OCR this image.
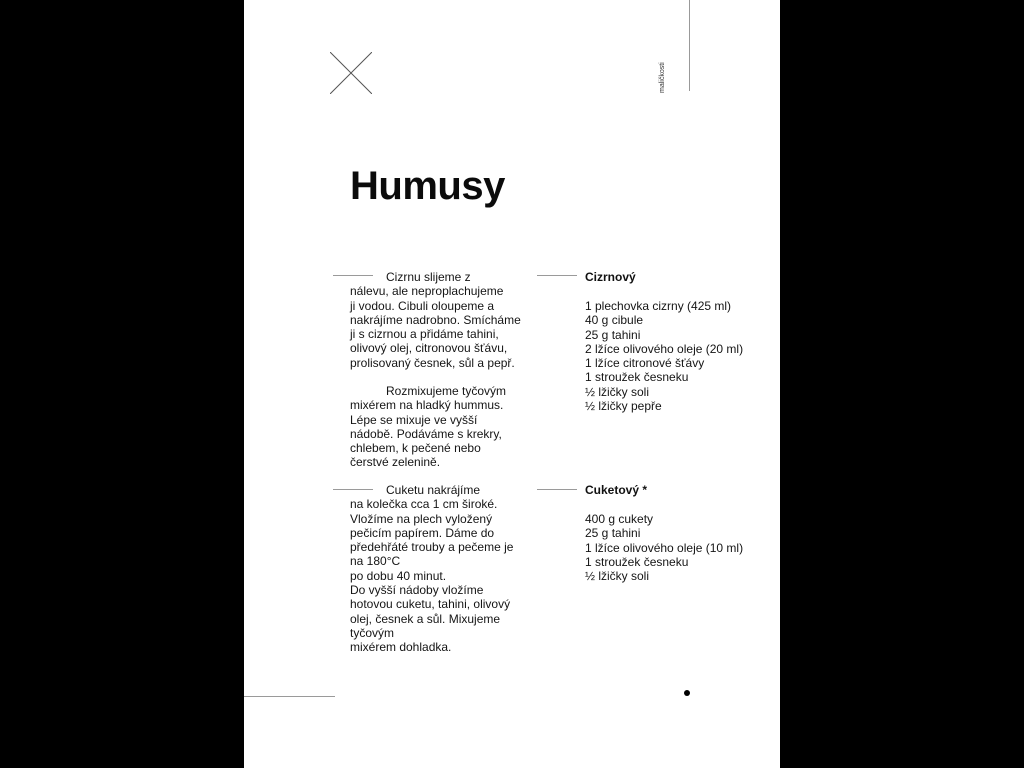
maličkosti
Humusy

Cizrnu slijeme z
nálevu, ale neproplachujeme
ji vodou. Cibuli oloupeme a
nakrájíme nadrobno. Smícháme
ji s cizrnou a přidáme tahini,
olivový olej, citronovou šťávu,
prolisovaný česnek, sůl a pepř.

Rozmixujeme tyčovým
mixérem na hladký hummus.
Lépe se mixuje ve vyšší
nádobě. Podáváme s krekry,
chlebem, k pečené nebo
čerstvé zelenině.

Cizrnový
1 plechovka cizrny (425 ml)
40 g cibule
25 g tahini
2 lžíce olivového oleje (20 ml)
1 lžíce citronové šťávy
1 stroužek česneku
½ lžičky soli
½ lžičky pepře

Cuketu nakrájíme
na kolečka cca 1 cm široké.
Vložíme na plech vyložený
pečicím papírem. Dáme do
předehřáté trouby a pečeme je
na 180°C
po dobu 40 minut.
Do vyšší nádoby vložíme
hotovou cuketu, tahini, olivový
olej, česnek a sůl. Mixujeme
tyčovým
mixérem dohladka.

Cuketový *
400 g cukety
25 g tahini
1 lžíce olivového oleje (10 ml)
1 stroužek česneku
½ lžičky soli
